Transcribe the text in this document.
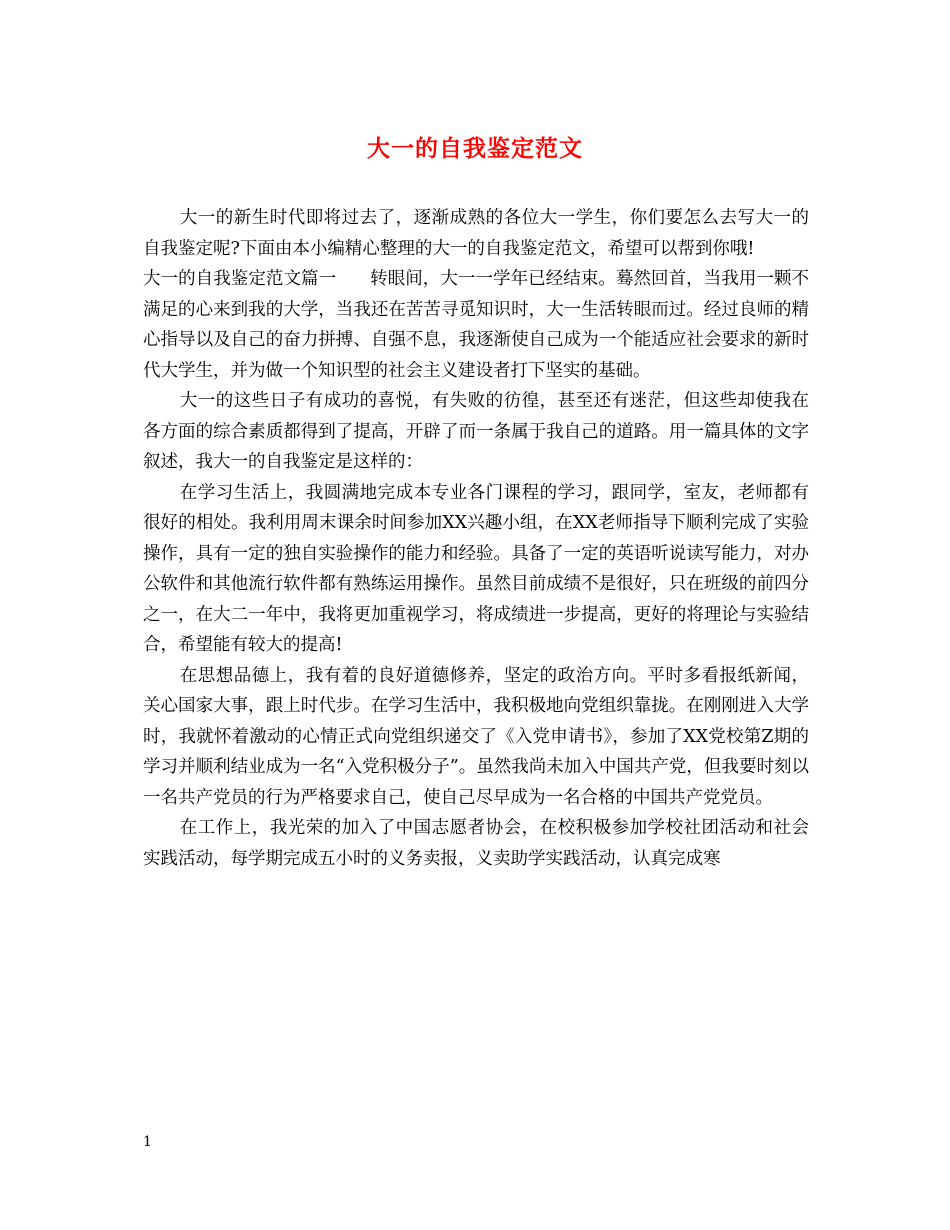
大一的自我鉴定范文

大一的新生时代即将过去了，逐渐成熟的各位大一学生，你们要怎么去写大一的自我鉴定呢?下面由本小编精心整理的大一的自我鉴定范文，希望可以帮到你哦!

大一的自我鉴定范文篇一 转眼间，大一一学年已经结束。蓦然回首，当我用一颗不满足的心来到我的大学，当我还在苦苦寻觅知识时，大一生活转眼而过。经过良师的精心指导以及自己的奋力拼搏、自强不息，我逐渐使自己成为一个能适应社会要求的新时代大学生，并为做一个知识型的社会主义建设者打下坚实的基础。

大一的这些日子有成功的喜悦，有失败的彷徨，甚至还有迷茫，但这些却使我在各方面的综合素质都得到了提高，开辟了而一条属于我自己的道路。用一篇具体的文字叙述，我大一的自我鉴定是这样的：

在学习生活上，我圆满地完成本专业各门课程的学习，跟同学，室友，老师都有很好的相处。我利用周末课余时间参加XX兴趣小组，在XX老师指导下顺利完成了实验操作，具有一定的独自实验操作的能力和经验。具备了一定的英语听说读写能力，对办公软件和其他流行软件都有熟练运用操作。虽然目前成绩不是很好，只在班级的前四分之一，在大二一年中，我将更加重视学习，将成绩进一步提高，更好的将理论与实验结合，希望能有较大的提高!

在思想品德上，我有着的良好道德修养，坚定的政治方向。平时多看报纸新闻，关心国家大事，跟上时代步。在学习生活中，我积极地向党组织靠拢。在刚刚进入大学时，我就怀着激动的心情正式向党组织递交了《入党申请书》，参加了XX党校第Z期的学习并顺利结业成为一名“入党积极分子”。虽然我尚未加入中国共产党，但我要时刻以一名共产党员的行为严格要求自己，使自己尽早成为一名合格的中国共产党党员。

在工作上，我光荣的加入了中国志愿者协会，在校积极参加学校社团活动和社会实践活动，每学期完成五小时的义务卖报，义卖助学实践活动，认真完成寒

1
